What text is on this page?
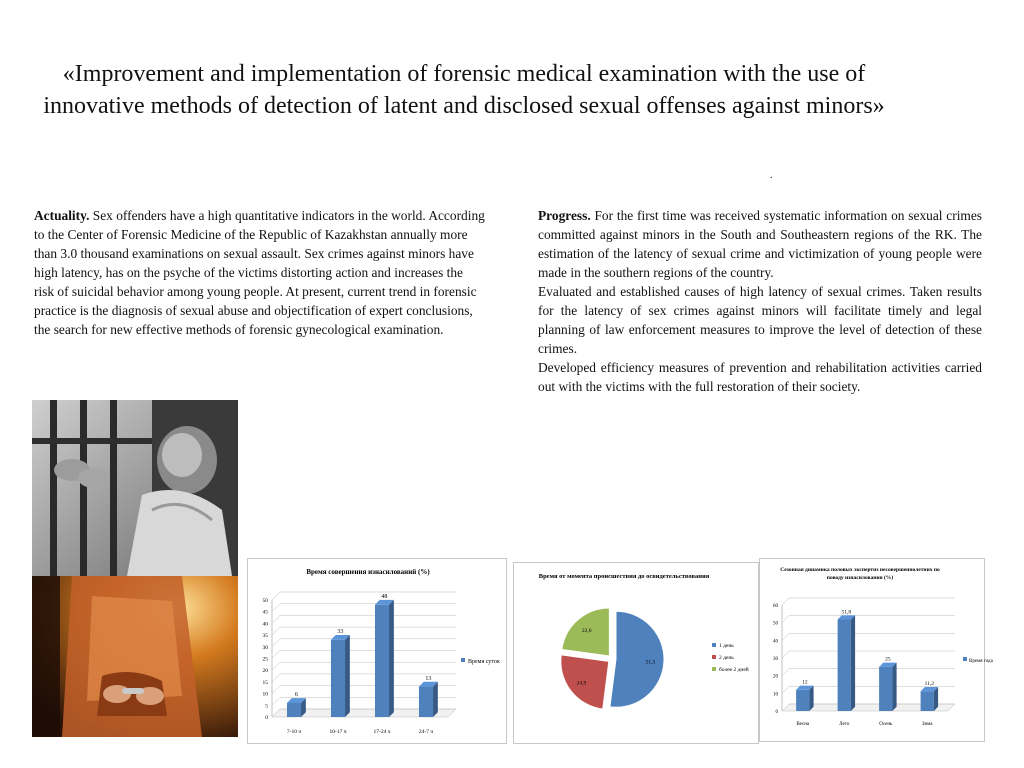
«Improvement and implementation of forensic medical examination with the use of innovative methods of detection of latent and disclosed sexual offenses against minors»
.

Actuality. Sex offenders have a high quantitative indicators in the world. According to the Center of Forensic Medicine of the Republic of Kazakhstan annually more than 3.0 thousand examinations on sexual assault. Sex crimes against minors have high latency, has on the psyche of the victims distorting action and increases the risk of suicidal behavior among young people. At present, current trend in forensic practice is the diagnosis of sexual abuse and objectification of expert conclusions, the search for new effective methods of forensic gynecological examination.

Progress. For the first time was received systematic information on sexual crimes committed against minors in the South and Southeastern regions of the RK. The estimation of the latency of sexual crime and victimization of young people were made in the southern regions of the country.

Evaluated and established causes of high latency of sexual crimes. Taken results for the latency of sex crimes against minors will facilitate timely and legal planning of law enforcement measures to improve the level of detection of these crimes.

Developed efficiency measures of prevention and rehabilitation activities carried out with the victims with the full restoration of their society.

Время совершения изнасилований (%)
0
5
10
15
20
25
30
35
40
45
50
7-10 ч	10-17 ч	17-24 ч	24-7 ч
6
33
48
13
Время суток
Время от момента происшествия до освидетельствования
51,5
24,9
22,6
1 день
2 день
более 2 дней
Сезонная динамика половых экспертиз несовершеннолетних по
поводу изнасилования (%)
0
10
20
30
40
50
60
Весна	Лето	Осень	Зима
12
51,8
25
11,2
Время года
